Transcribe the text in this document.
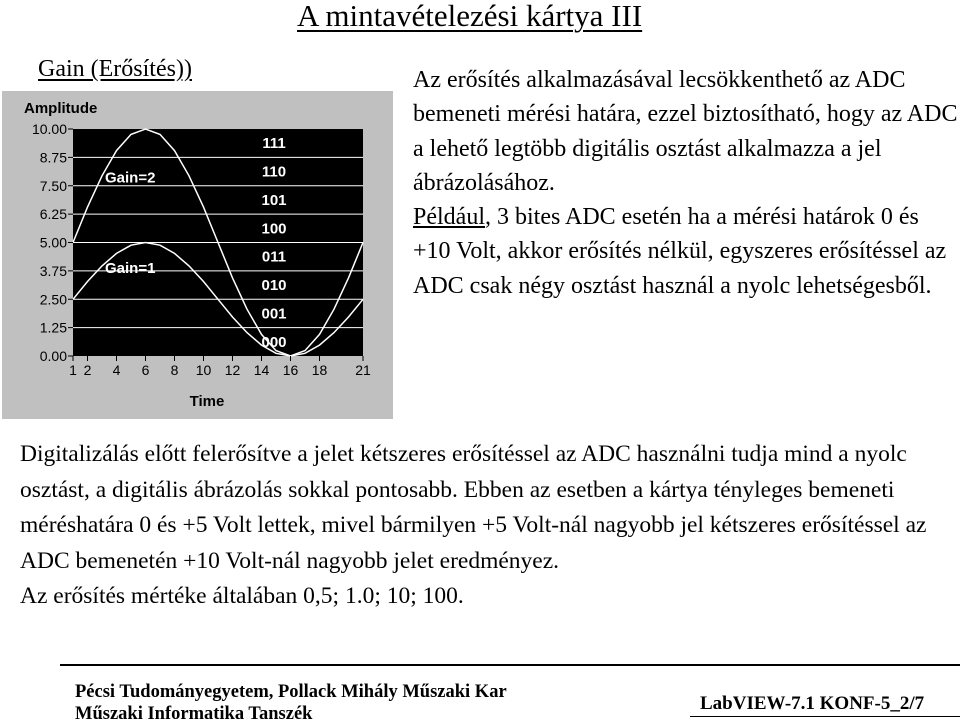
A mintavételezési kártya III
Gain (Erősítés))	Az erősítés alkalmazásával lecsökkenthető az ADC bemeneti mérési határa, ezzel biztosítható, hogy az ADC a lehető legtöbb digitális osztást alkalmazza a jel ábrázolásához.

Például, 3 bites ADC esetén ha a mérési határok 0 és +10 Volt, akkor erősítés nélkül, egyszeres erősítéssel az ADC csak négy osztást használ a nyolc lehetségesből.

Amplitude
Gain=2
Gain=1
111
110
101
100
011
010
001
000
10.00
8.75
7.50
6.25
5.00
3.75
2.50
1.25
0.00
1 2 4 6 8 10 12 14 16 18 21
Time

Digitalizálás előtt felerősítve a jelet kétszeres erősítéssel az ADC használni tudja mind a nyolc osztást, a digitális ábrázolás sokkal pontosabb. Ebben az esetben a kártya tényleges bemeneti méréshatára 0 és +5 Volt lettek, mivel bármilyen +5 Volt-nál nagyobb jel kétszeres erősítéssel az ADC bemenetén +10 Volt-nál nagyobb jelet eredményez.

Az erősítés mértéke általában 0,5; 1.0; 10; 100.

Pécsi Tudományegyetem, Pollack Mihály Műszaki Kar
Műszaki Informatika Tanszék	LabVIEW-7.1 KONF-5_2/7
